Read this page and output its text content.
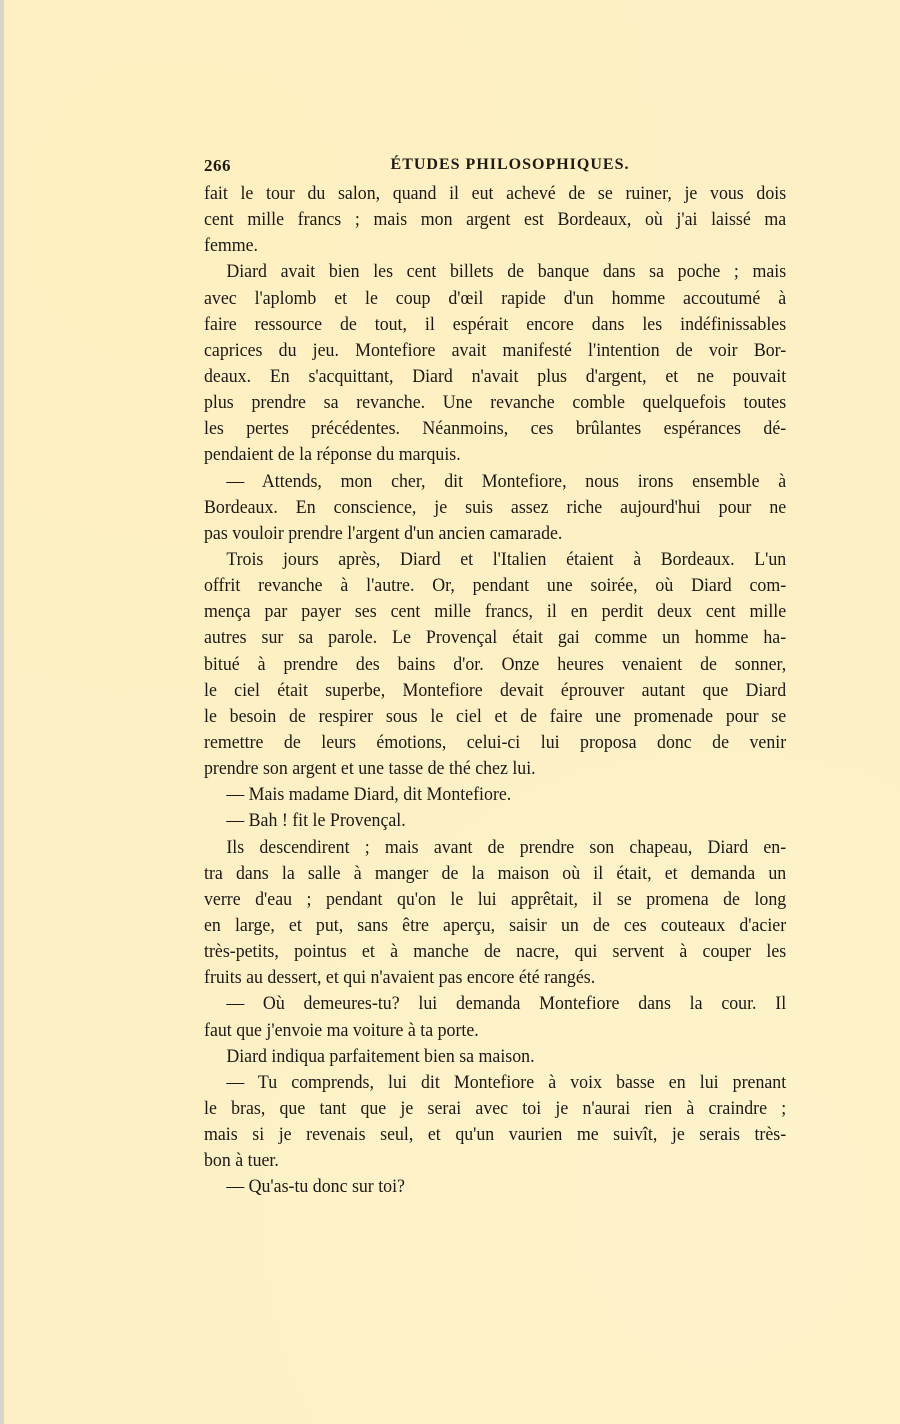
266	ÉTUDES PHILOSOPHIQUES.
fait le tour du salon, quand il eut achevé de se ruiner, je vous dois
cent mille francs ; mais mon argent est Bordeaux, où j'ai laissé ma
femme.
Diard avait bien les cent billets de banque dans sa poche ; mais
avec l'aplomb et le coup d'œil rapide d'un homme accoutumé à
faire ressource de tout, il espérait encore dans les indéfinissables
caprices du jeu. Montefiore avait manifesté l'intention de voir Bor-
deaux. En s'acquittant, Diard n'avait plus d'argent, et ne pouvait
plus prendre sa revanche. Une revanche comble quelquefois toutes
les pertes précédentes. Néanmoins, ces brûlantes espérances dé-
pendaient de la réponse du marquis.
— Attends, mon cher, dit Montefiore, nous irons ensemble à
Bordeaux. En conscience, je suis assez riche aujourd'hui pour ne
pas vouloir prendre l'argent d'un ancien camarade.
Trois jours après, Diard et l'Italien étaient à Bordeaux. L'un
offrit revanche à l'autre. Or, pendant une soirée, où Diard com-
mença par payer ses cent mille francs, il en perdit deux cent mille
autres sur sa parole. Le Provençal était gai comme un homme ha-
bitué à prendre des bains d'or. Onze heures venaient de sonner,
le ciel était superbe, Montefiore devait éprouver autant que Diard
le besoin de respirer sous le ciel et de faire une promenade pour se
remettre de leurs émotions, celui-ci lui proposa donc de venir
prendre son argent et une tasse de thé chez lui.
— Mais madame Diard, dit Montefiore.
— Bah ! fit le Provençal.
Ils descendirent ; mais avant de prendre son chapeau, Diard en-
tra dans la salle à manger de la maison où il était, et demanda un
verre d'eau ; pendant qu'on le lui apprêtait, il se promena de long
en large, et put, sans être aperçu, saisir un de ces couteaux d'acier
très-petits, pointus et à manche de nacre, qui servent à couper les
fruits au dessert, et qui n'avaient pas encore été rangés.
— Où demeures-tu? lui demanda Montefiore dans la cour. Il
faut que j'envoie ma voiture à ta porte.
Diard indiqua parfaitement bien sa maison.
— Tu comprends, lui dit Montefiore à voix basse en lui prenant
le bras, que tant que je serai avec toi je n'aurai rien à craindre ;
mais si je revenais seul, et qu'un vaurien me suivît, je serais très-
bon à tuer.
— Qu'as-tu donc sur toi?
